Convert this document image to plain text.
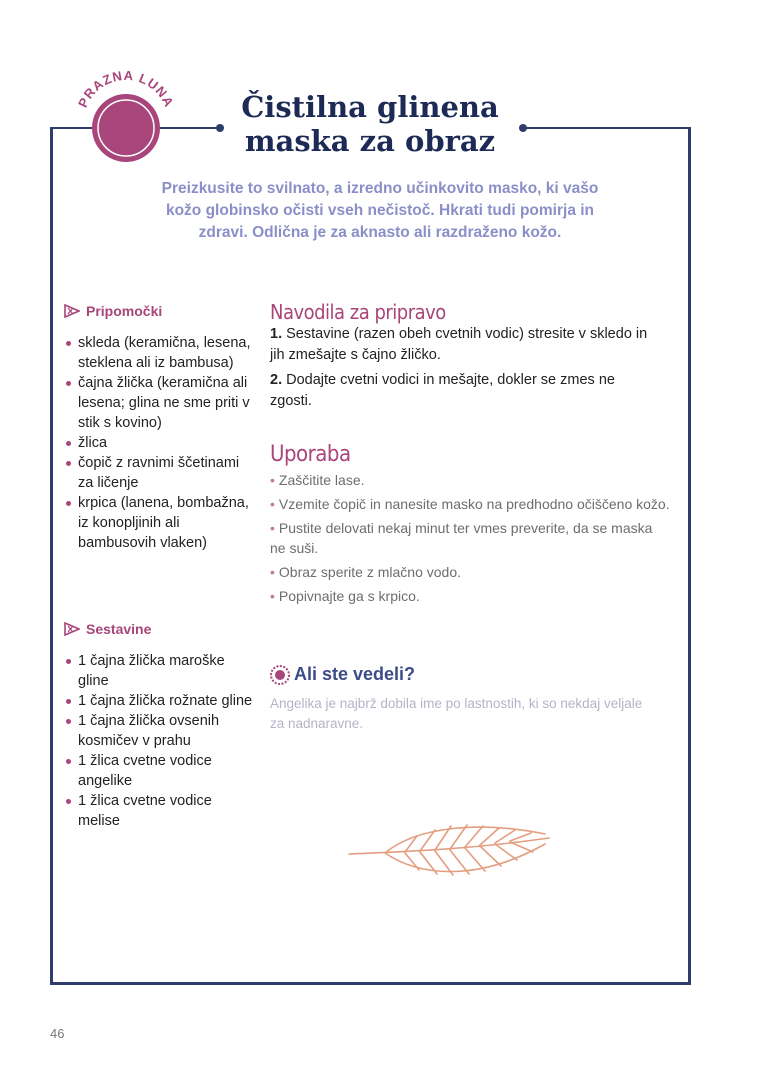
PRAZNA LUNA	Čistilna glinena maska za obraz

Preizkusite to svilnato, a izredno učinkovito masko, ki vašo kožo globinsko očisti vseh nečistoč. Hkrati tudi pomirja in zdravi. Odlična je za aknasto ali razdraženo kožo.

Pripomočki
skleda (keramična, lesena, steklena ali iz bambusa)
čajna žlička (keramična ali lesena; glina ne sme priti v stik s kovino)
žlica
čopič z ravnimi ščetinami za ličenje
krpica (lanena, bombažna, iz konopljinih ali bambusovih vlaken)
Sestavine
1 čajna žlička maroške gline
1 čajna žlička rožnate gline
1 čajna žlička ovsenih kosmičev v prahu
1 žlica cvetne vodice angelike
1 žlica cvetne vodice melise
Navodila za pripravo

1. Sestavine (razen obeh cvetnih vodic) stresite v skledo in jih zmešajte s čajno žličko.

2. Dodajte cvetni vodici in mešajte, dokler se zmes ne zgosti.

Uporaba
• Zaščitite lase.
• Vzemite čopič in nanesite masko na predhodno očiščeno kožo.
• Pustite delovati nekaj minut ter vmes preverite, da se maska ne suši.
• Obraz sperite z mlačno vodo.
• Popivnajte ga s krpico.
Ali ste vedeli?

Angelika je najbrž dobila ime po lastnostih, ki so nekdaj veljale za nadnaravne.

46
